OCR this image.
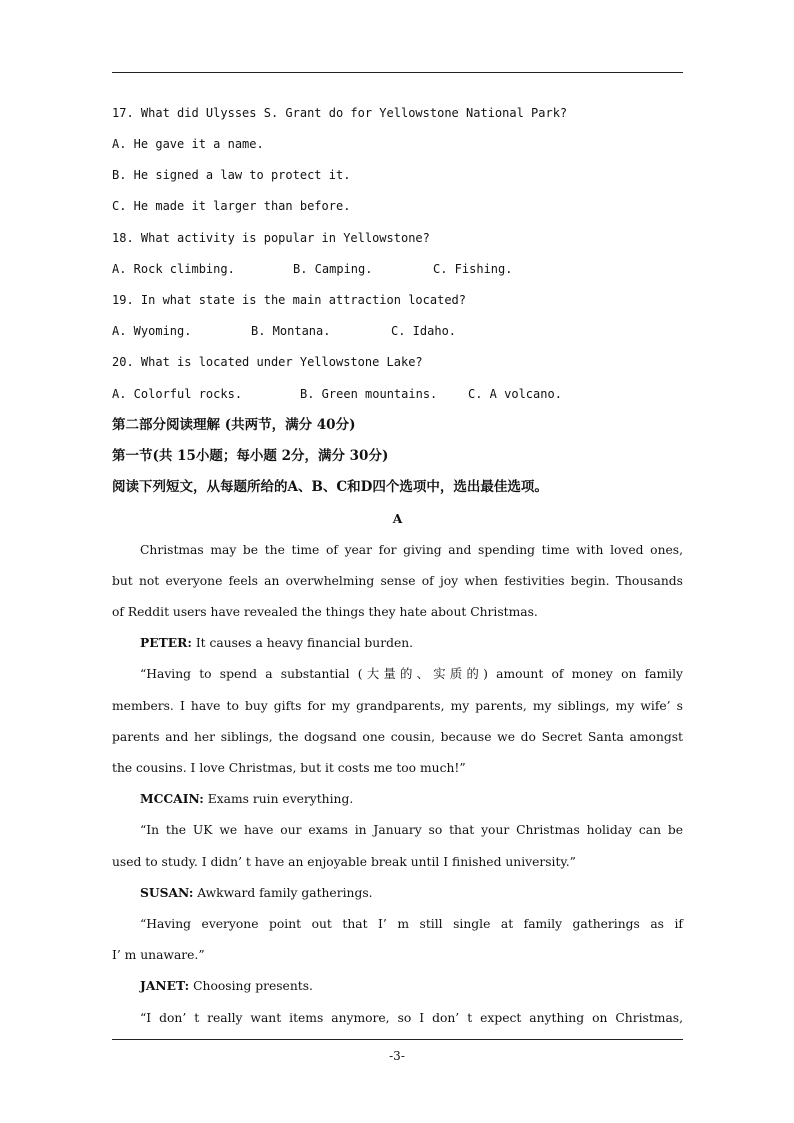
17. What did Ulysses S. Grant do for Yellowstone National Park?
A. He gave it a name.
B. He signed a law to protect it.
C. He made it larger than before.
18. What activity is popular in Yellowstone?
A. Rock climbing.	B. Camping.	C. Fishing.
19. In what state is the main attraction located?
A. Wyoming.	B. Montana.	C. Idaho.
20. What is located under Yellowstone Lake?
A. Colorful rocks.	B. Green mountains.	C. A volcano.
第二部分阅读理解 (共两节，满分 40分)
第一节(共 15小题；每小题 2分，满分 30分)
阅读下列短文，从每题所给的A、B、C和D四个选项中，选出最佳选项。
A
Christmas may be the time of year for giving and spending time with loved ones,
but not everyone feels an overwhelming sense of joy when festivities begin. Thousands
of Reddit users have revealed the things they hate about Christmas.
PETER: It causes a heavy financial burden.
“Having to spend a substantial (大量的、实质的) amount of money on family
members. I have to buy gifts for my grandparents, my parents, my siblings, my wife’ s
parents and her siblings, the dogsand one cousin, because we do Secret Santa amongst
the cousins. I love Christmas, but it costs me too much!”
MCCAIN: Exams ruin everything.
“In the UK we have our exams in January so that your Christmas holiday can be
used to study. I didn’ t have an enjoyable break until I finished university.”
SUSAN: Awkward family gatherings.
“Having everyone point out that I’ m still single at family gatherings as if
I’ m unaware.”
JANET: Choosing presents.
“I don’ t really want items anymore, so I don’ t expect anything on Christmas,
-3-
